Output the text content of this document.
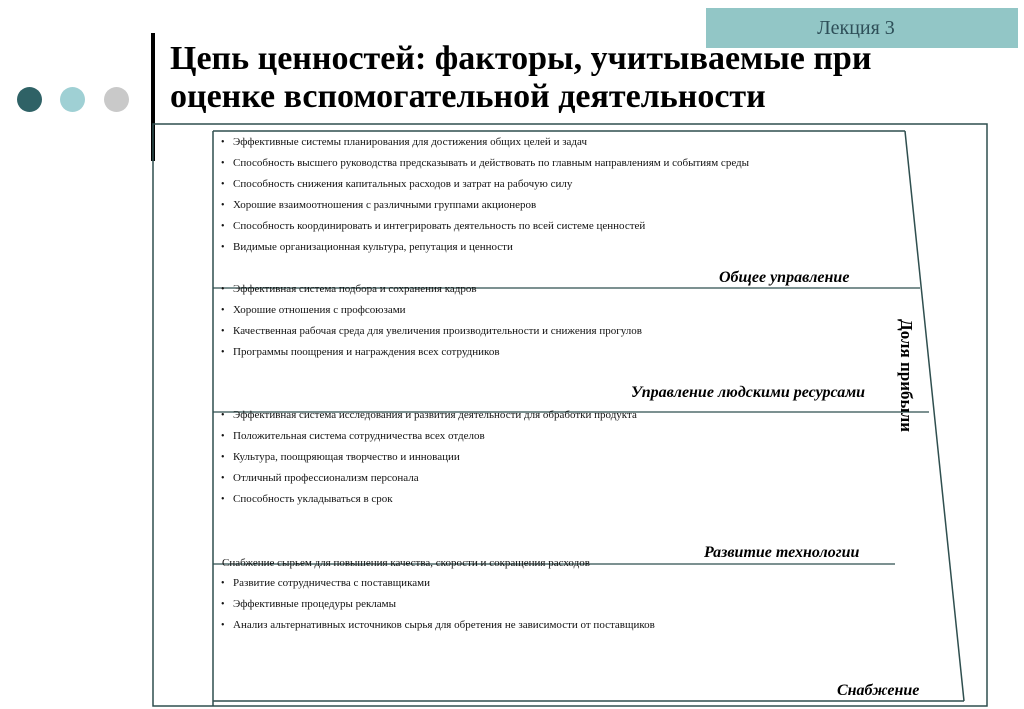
Лекция 3
Цепь ценностей: факторы, учитываемые при
оценке вспомогательной деятельности
• Эффективные системы планирования для достижения общих целей и задач
• Способность высшего руководства предсказывать и действовать по главным направлениям и событиям среды
• Способность снижения капитальных расходов и затрат на рабочую силу
• Хорошие взаимоотношения с различными группами акционеров
• Способность координировать и интегрировать деятельность по всей системе ценностей
• Видимые организационная культура, репутация и ценности
Общее управление
• Эффективная система подбора и сохранения кадров
• Хорошие отношения с профсоюзами
• Качественная рабочая среда для увеличения производительности и снижения прогулов
• Программы поощрения и награждения всех сотрудников
Управление людскими ресурсами
• Эффективная система исследования и развития деятельности для обработки продукта
• Положительная система сотрудничества всех отделов
• Культура, поощряющая творчество и инновации
• Отличный профессионализм персонала
• Способность укладываться в срок
Развитие технологии
Снабжение сырьем для повышения качества, скорости и сокращения расходов
• Развитие сотрудничества с поставщиками
• Эффективные процедуры рекламы
• Анализ альтернативных источников сырья для обретения не зависимости от поставщиков
Снабжение
Доля прибыли
